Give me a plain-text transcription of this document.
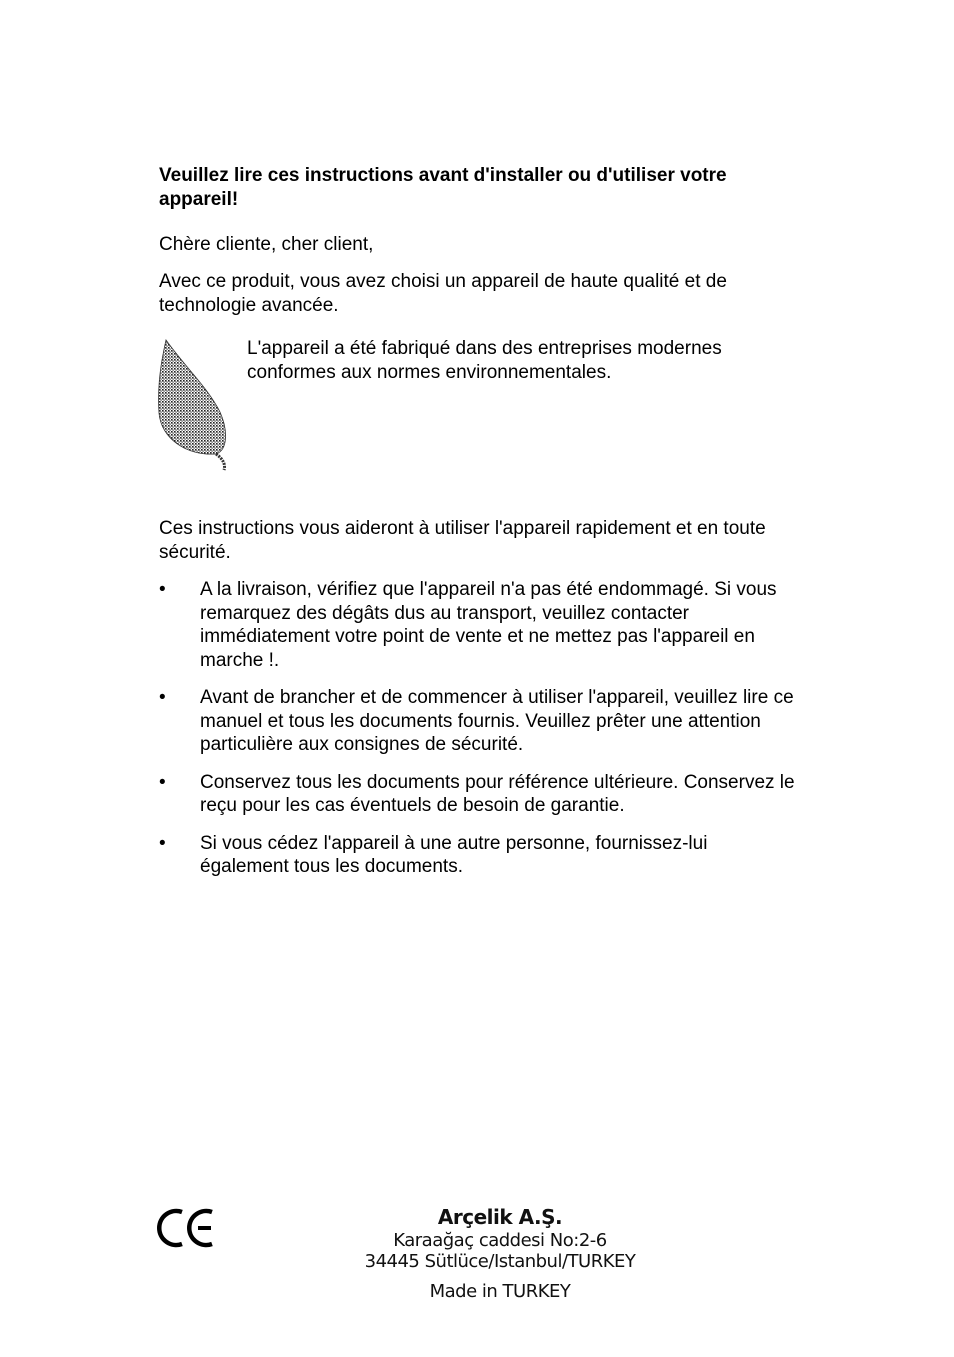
Veuillez lire ces instructions avant d'installer ou d'utiliser votre appareil!
Chère cliente, cher client,
Avec ce produit, vous avez choisi un appareil de haute qualité et de technologie avancée.
L'appareil a été fabriqué dans des entreprises modernes conformes aux normes environnementales.
Ces instructions vous aideront à utiliser l'appareil rapidement et en toute sécurité.
• A la livraison, vérifiez que l'appareil n'a pas été endommagé. Si vous remarquez des dégâts dus au transport, veuillez contacter immédiatement votre point de vente et ne mettez pas l'appareil en marche !.
• Avant de brancher et de commencer à utiliser l'appareil, veuillez lire ce manuel et tous les documents fournis. Veuillez prêter une attention particulière aux consignes de sécurité.
• Conservez tous les documents pour référence ultérieure. Conservez le reçu pour les cas éventuels de besoin de garantie.
• Si vous cédez l'appareil à une autre personne, fournissez-lui également tous les documents.
Arçelik A.Ş.
Karaağaç caddesi No:2-6
34445 Sütlüce/Istanbul/TURKEY
Made in TURKEY
